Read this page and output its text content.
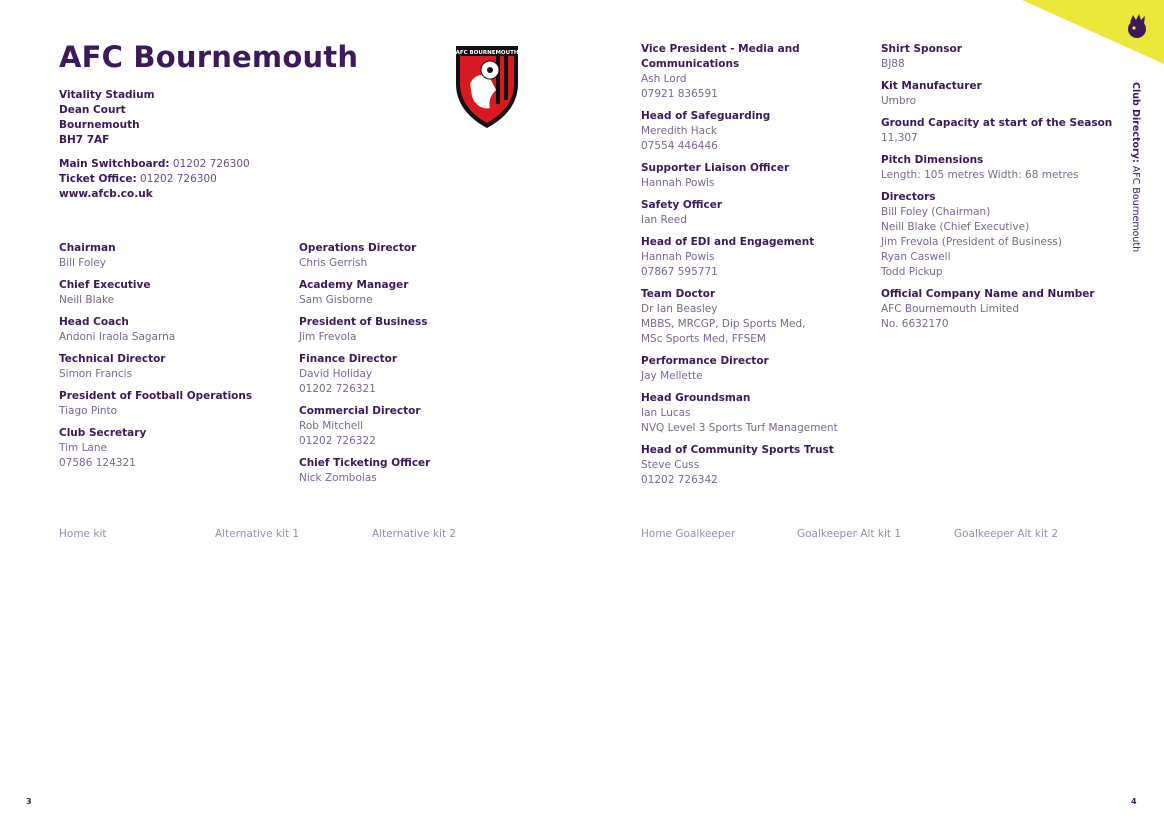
AFC Bournemouth
Vitality Stadium
Dean Court
Bournemouth
BH7 7AF
Main Switchboard: 01202 726300
Ticket Office: 01202 726300
www.afcb.co.uk
AFC BOURNEMOUTH
Chairman
Bill Foley
Chief Executive
Neill Blake
Head Coach
Andoni Iraola Sagarna
Technical Director
Simon Francis
President of Football Operations
Tiago Pinto
Club Secretary
Tim Lane
07586 124321
Operations Director
Chris Gerrish
Academy Manager
Sam Gisborne
President of Business
Jim Frevola
Finance Director
David Holiday
01202 726321
Commercial Director
Rob Mitchell
01202 726322
Chief Ticketing Officer
Nick Zombolas
Vice President - Media and
Communications
Ash Lord
07921 836591
Head of Safeguarding
Meredith Hack
07554 446446
Supporter Liaison Officer
Hannah Powis
Safety Officer
Ian Reed
Head of EDI and Engagement
Hannah Powis
07867 595771
Team Doctor
Dr Ian Beasley
MBBS, MRCGP, Dip Sports Med,
MSc Sports Med, FFSEM
Performance Director
Jay Mellette
Head Groundsman
Ian Lucas
NVQ Level 3 Sports Turf Management
Head of Community Sports Trust
Steve Cuss
01202 726342
Shirt Sponsor
BJ88
Kit Manufacturer
Umbro
Ground Capacity at start of the Season
11,307
Pitch Dimensions
Length: 105 metres Width: 68 metres
Directors
Bill Foley (Chairman)
Neill Blake (Chief Executive)
Jim Frevola (President of Business)
Ryan Caswell
Todd Pickup
Official Company Name and Number
AFC Bournemouth Limited
No. 6632170
Home kit	Alternative kit 1	Alternative kit 2	Home Goalkeeper	Goalkeeper Alt kit 1	Goalkeeper Alt kit 2
Club Directory: AFC Bournemouth
3	4
